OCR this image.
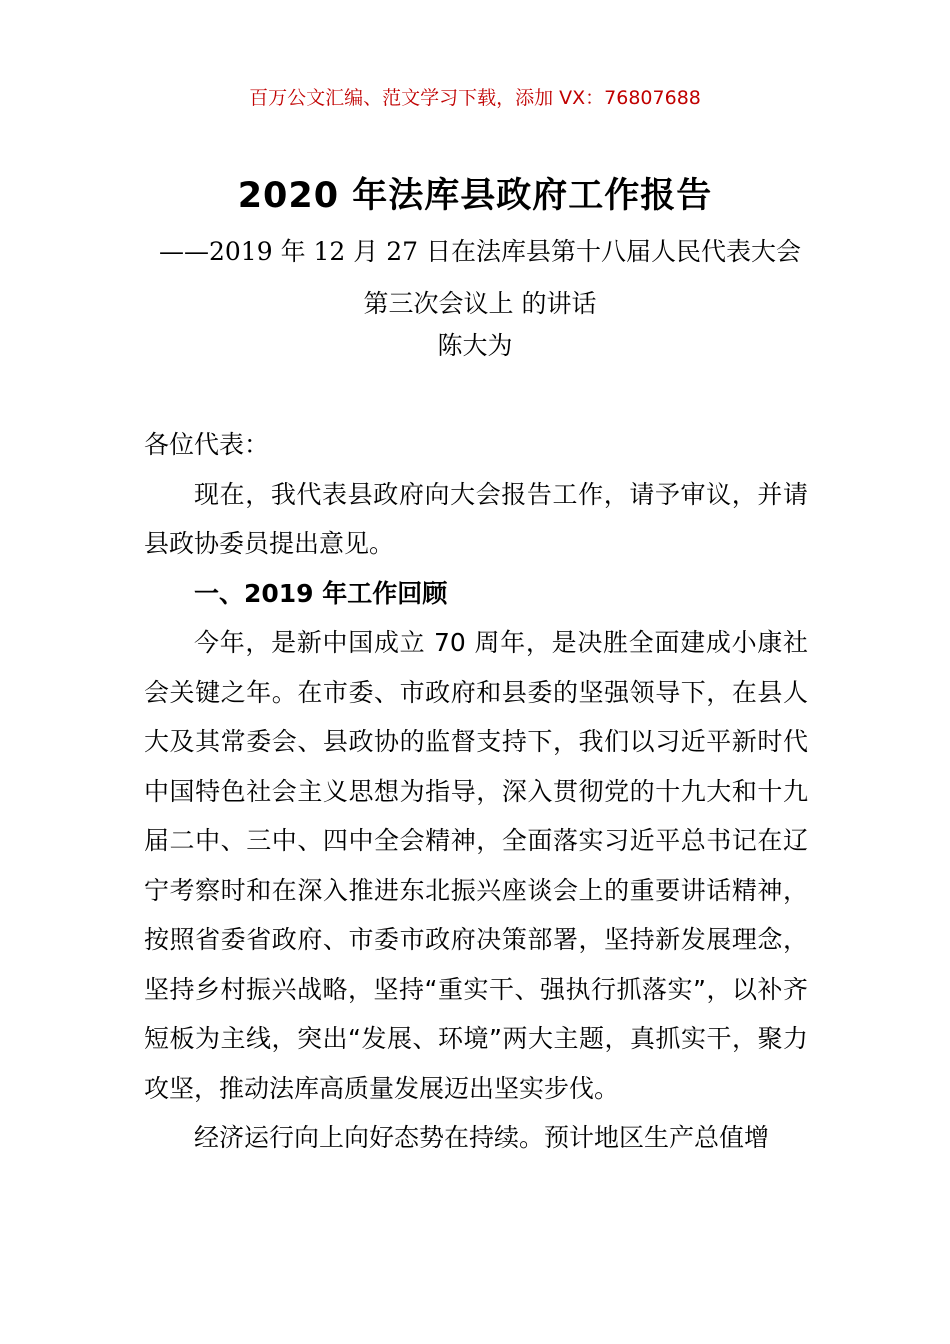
百万公文汇编、范文学习下载，添加 VX：76807688
2020 年法库县政府工作报告
——2019 年 12 月 27 日在法库县第十八届人民代表大会第三次会议上 的讲话
陈大为

各位代表：

现在，我代表县政府向大会报告工作，请予审议，并请县政协委员提出意见。

一、2019 年工作回顾

今年，是新中国成立 70 周年，是决胜全面建成小康社会关键之年。在市委、市政府和县委的坚强领导下，在县人大及其常委会、县政协的监督支持下，我们以习近平新时代中国特色社会主义思想为指导，深入贯彻党的十九大和十九届二中、三中、四中全会精神，全面落实习近平总书记在辽宁考察时和在深入推进东北振兴座谈会上的重要讲话精神，按照省委省政府、市委市政府决策部署，坚持新发展理念，坚持乡村振兴战略，坚持“重实干、强执行抓落实”，以补齐短板为主线，突出“发展、环境”两大主题，真抓实干，聚力攻坚，推动法库高质量发展迈出坚实步伐。

经济运行向上向好态势在持续。预计地区生产总值增
